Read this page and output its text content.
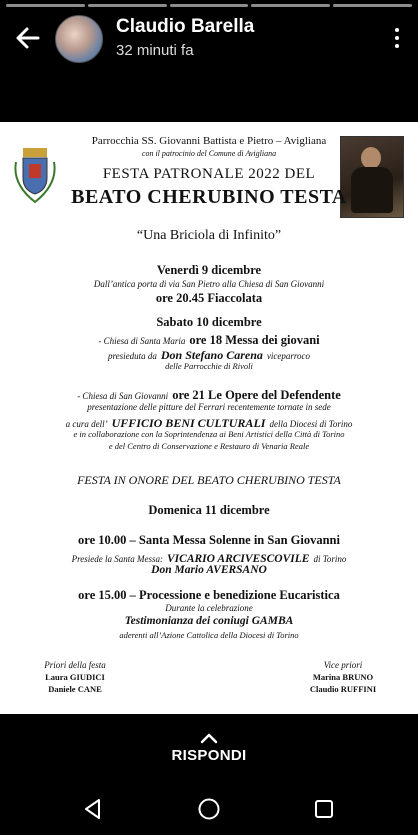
Claudio Barella
32 minuti fa
Parrocchia SS. Giovanni Battista e Pietro – Avigliana
con il patrocinio del Comune di Avigliana
FESTA PATRONALE 2022 DEL
BEATO CHERUBINO TESTA
“Una Briciola di Infinito”
Venerdì 9 dicembre
Dall’antica porta di via San Pietro alla Chiesa di San Giovanni
ore 20.45 Fiaccolata
Sabato 10 dicembre
- Chiesa di Santa Maria ore 18 Messa dei giovani
presieduta da Don Stefano Carena viceparroco
delle Parrocchie di Rivoli
- Chiesa di San Giovanni ore 21 Le Opere del Defendente
presentazione delle pitture del Ferrari recentemente tornate in sede
a cura dell’ UFFICIO BENI CULTURALI della Diocesi di Torino
e in collaborazione con la Soprintendenza ai Beni Artistici della Città di Torino
e del Centro di Conservazione e Restauro di Venaria Reale
FESTA IN ONORE DEL BEATO CHERUBINO TESTA
Domenica 11 dicembre
ore 10.00 – Santa Messa Solenne in San Giovanni
Presiede la Santa Messa: VICARIO ARCIVESCOVILE di Torino
Don Mario AVERSANO
ore 15.00 – Processione e benedizione Eucaristica
Durante la celebrazione
Testimonianza dei coniugi GAMBA
aderenti all’Azione Cattolica della Diocesi di Torino
Priori della festa
Laura GIUDICI
Daniele CANE
Vice priori
Marina BRUNO
Claudio RUFFINI
RISPONDI
